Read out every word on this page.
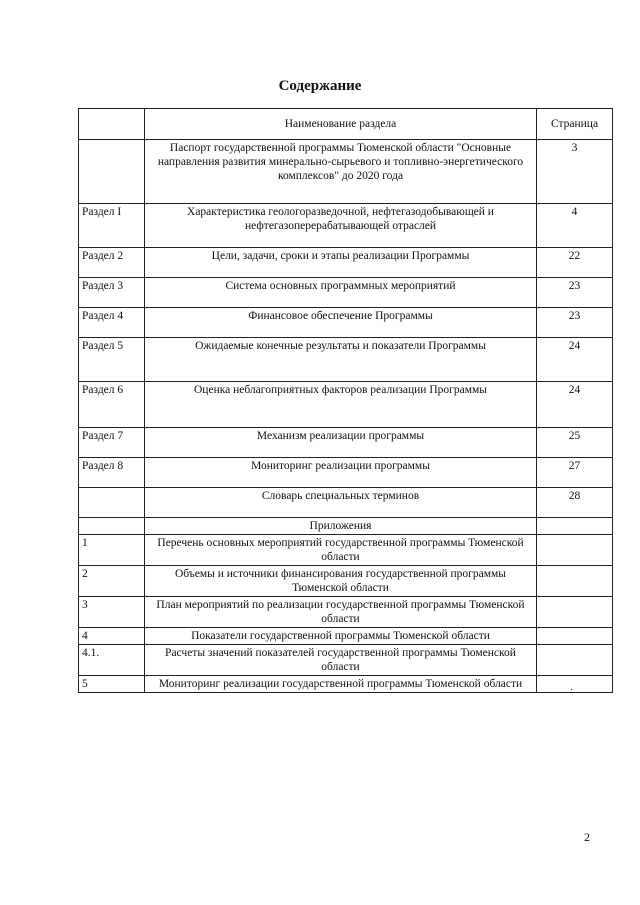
Содержание
	Наименование раздела	Страница
	Паспорт государственной программы Тюменской области "Основные направления развития минерально-сырьевого и топливно-энергетического комплексов" до 2020 года	3
Раздел I	Характеристика геологоразведочной, нефтегазодобывающей и нефтегазоперерабатывающей отраслей	4
Раздел 2	Цели, задачи, сроки и этапы реализации Программы	22
Раздел 3	Система основных программных мероприятий	23
Раздел 4	Финансовое обеспечение Программы	23
Раздел 5	Ожидаемые конечные результаты и показатели Программы	24
Раздел 6	Оценка неблагоприятных факторов реализации Программы	24
Раздел 7	Механизм реализации программы	25
Раздел 8	Мониторинг реализации программы	27
	Словарь специальных терминов	28
	Приложения	
1	Перечень основных мероприятий государственной программы Тюменской области	
2	Объемы и источники финансирования государственной программы Тюменской области	
3	План мероприятий по реализации государственной программы Тюменской области	
4	Показатели государственной программы Тюменской области	
4.1.	Расчеты значений показателей государственной программы Тюменской области	
5	Мониторинг реализации государственной программы Тюменской области	
·
2
